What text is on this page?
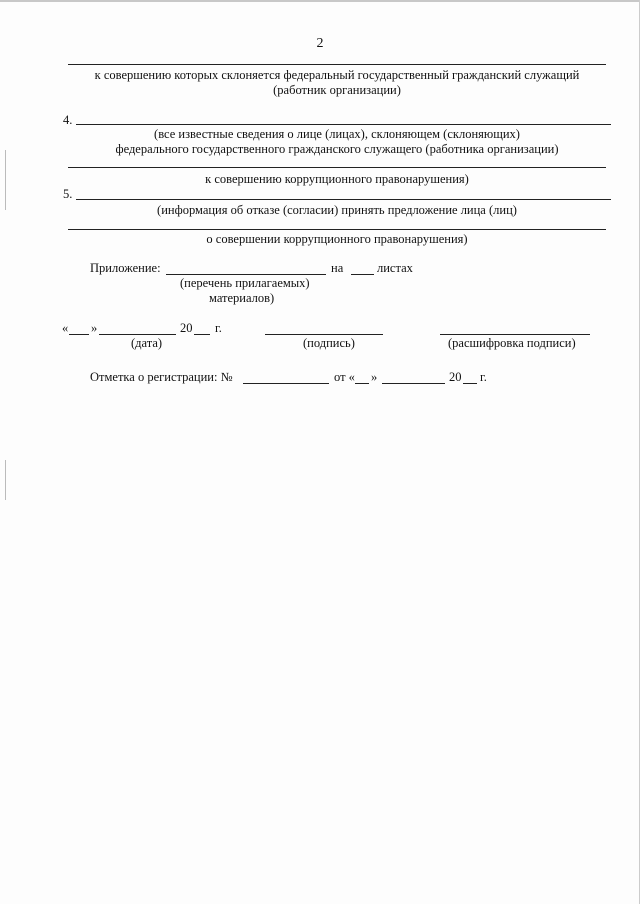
2
к совершению которых склоняется федеральный государственный гражданский служащий
(работник организации)
4.
(все известные сведения о лице (лицах), склоняющем (склоняющих)
федерального государственного гражданского служащего (работника организации)
к совершению коррупционного правонарушения)
5.
(информация об отказе (согласии) принять предложение лица (лиц)
о совершении коррупционного правонарушения)
Приложение:	на	листах
(перечень прилагаемых)
материалов)
« »	20 г.
(дата)	(подпись)	(расшифровка подписи)
Отметка о регистрации: №	от « »	20 г.
